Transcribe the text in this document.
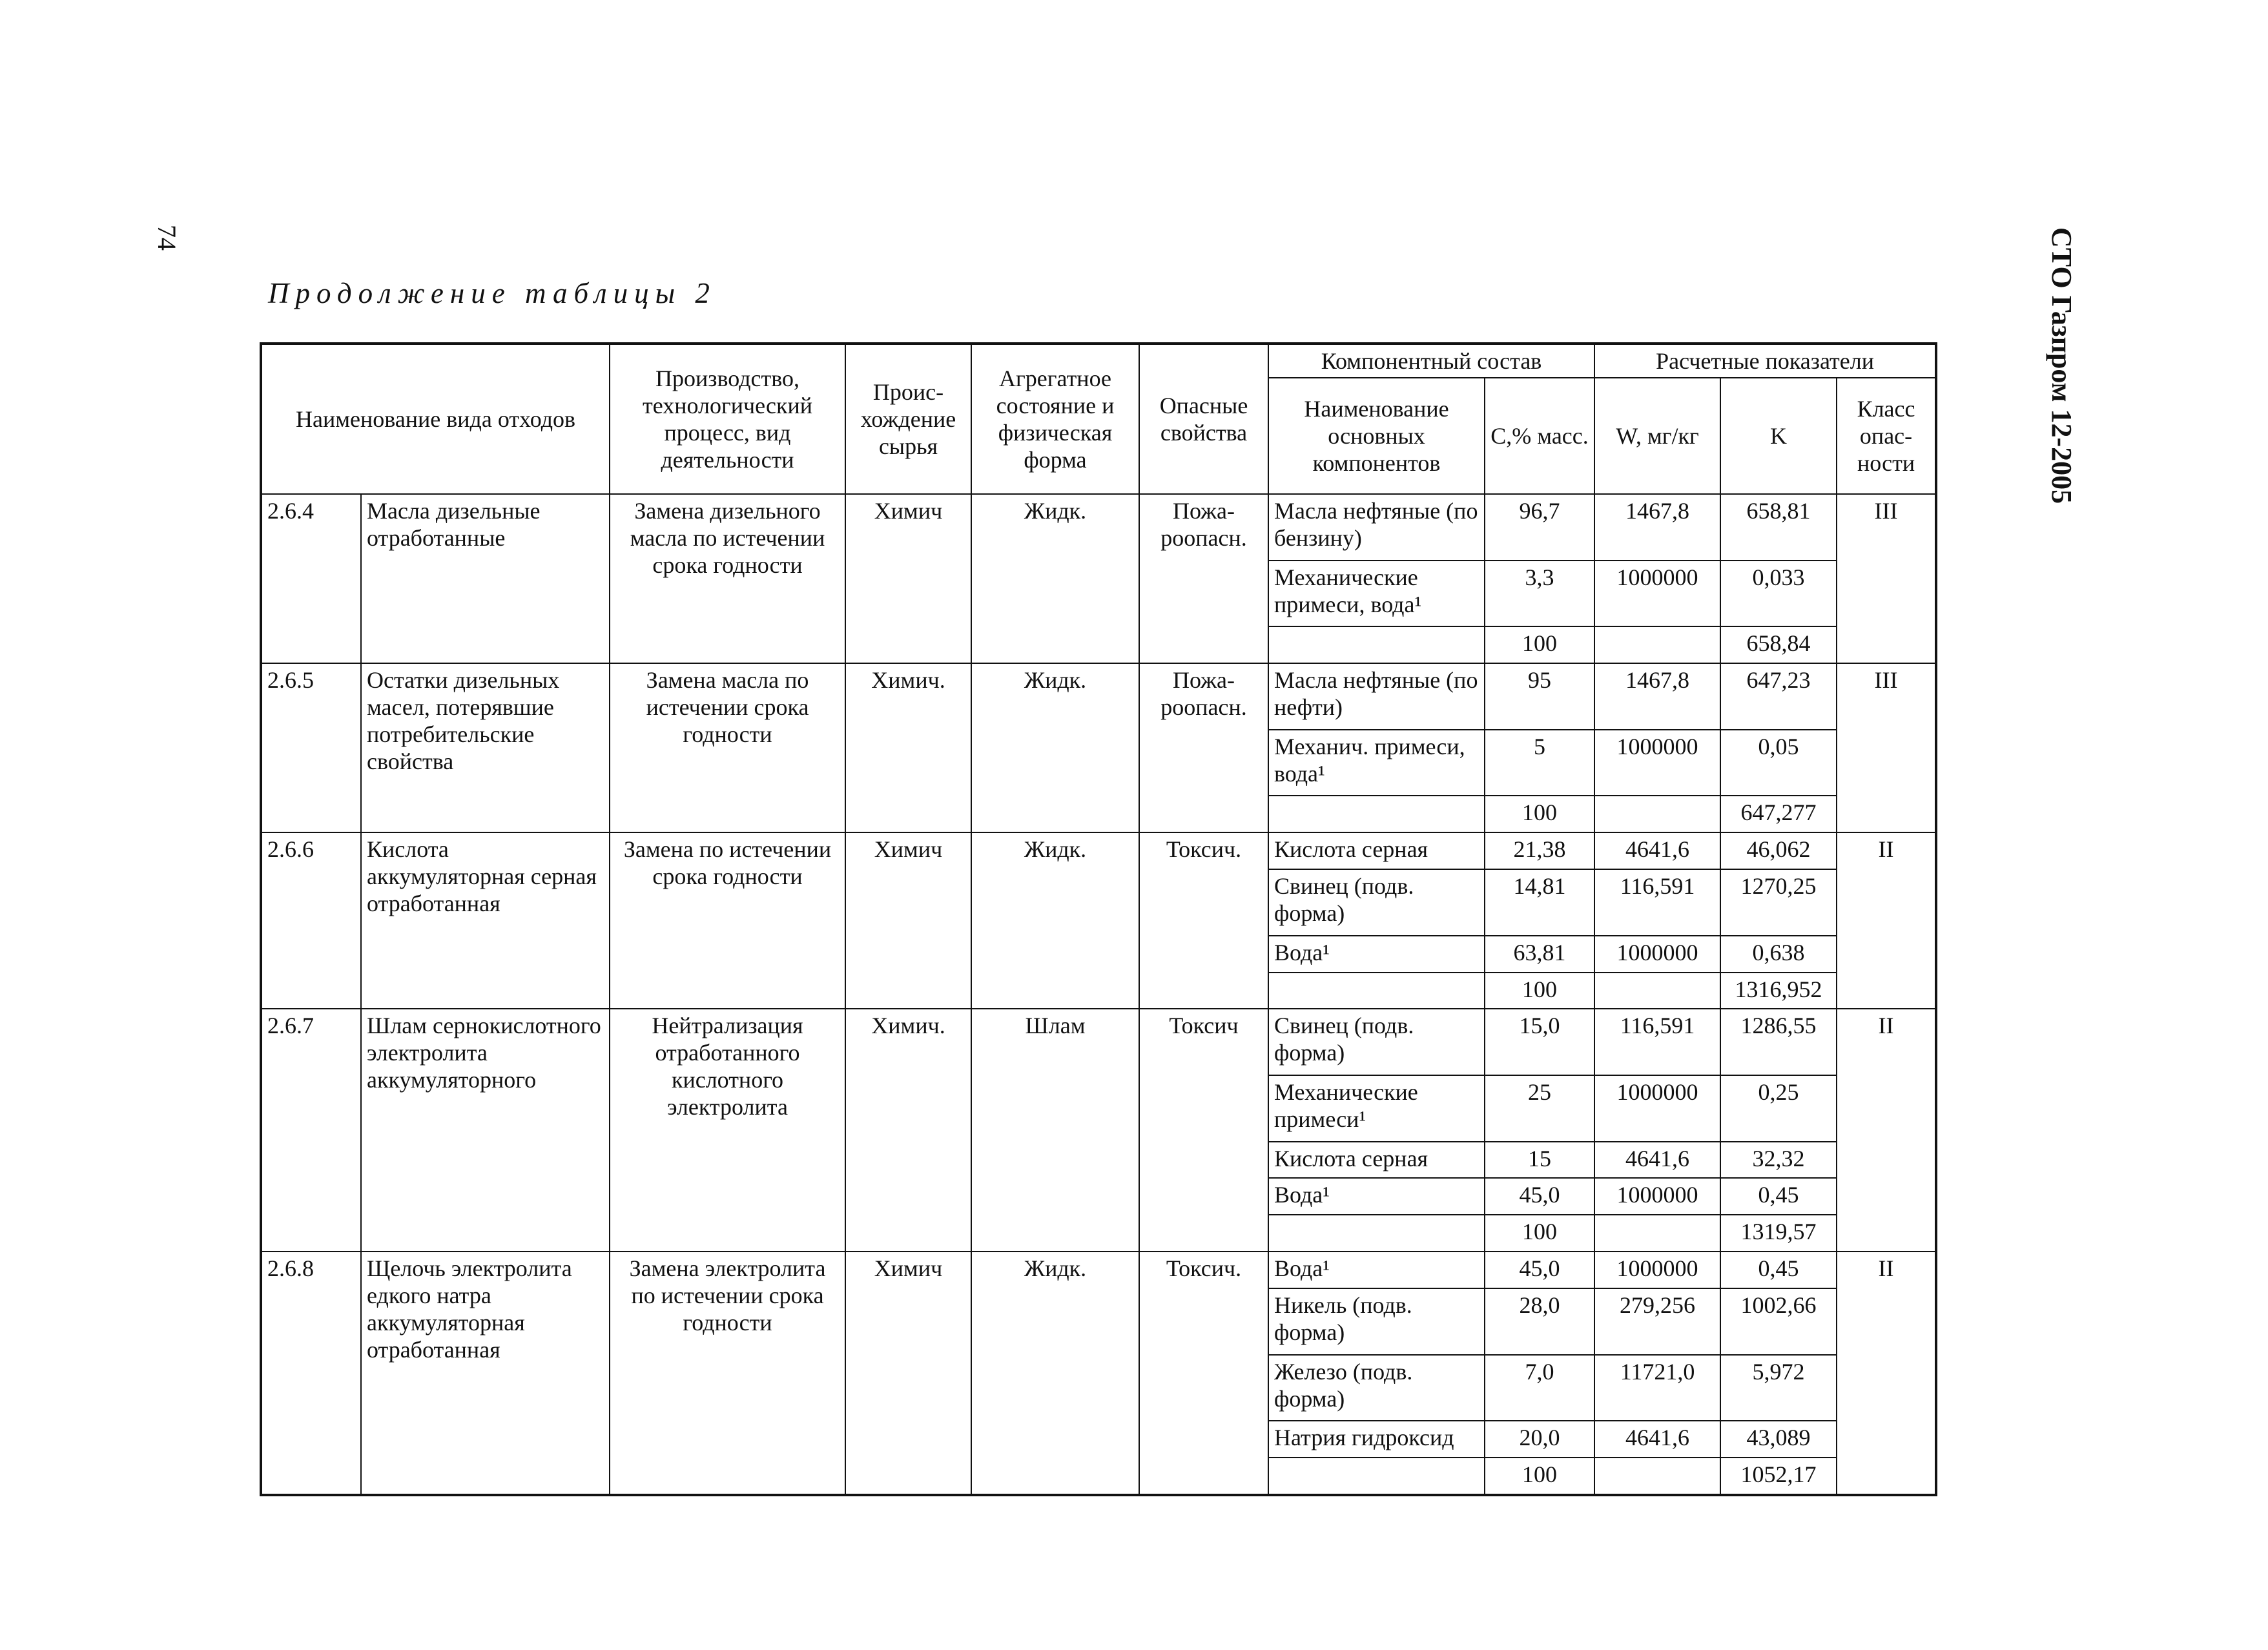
74	СТО Газпром 12-2005
Продолжение таблицы 2
Наименование вида отходов		Производство, технологический процесс, вид деятельности	Проис-хождение сырья	Агрегатное состояние и физическая форма	Опасные свойства	Компонентный состав		Расчетные показатели		
						Наименование основных компонентов	С,% масс.	W, мг/кг	K	Класс опас-ности
2.6.4	Масла дизельные отработанные	Замена дизельного масла по истечении срока годности	Химич	Жидк.	Пожа-роопасн.	Масла нефтяные (по бензину)	96,7	1467,8	658,81	III
						Механические примеси, вода¹	3,3	1000000	0,033	
							100		658,84	
2.6.5	Остатки дизельных масел, потерявшие потребительские свойства	Замена масла по истечении срока годности	Химич.	Жидк.	Пожа-роопасн.	Масла нефтяные (по нефти)	95	1467,8	647,23	III
						Механич. примеси, вода¹	5	1000000	0,05	
							100		647,277	
2.6.6	Кислота аккумуляторная серная отработанная	Замена по истечении срока годности	Химич	Жидк.	Токсич.	Кислота серная	21,38	4641,6	46,062	II
						Свинец (подв. форма)	14,81	116,591	1270,25	
						Вода¹	63,81	1000000	0,638	
							100		1316,952	
2.6.7	Шлам сернокислотного электролита аккумуляторного	Нейтрализация отработанного кислотного электролита	Химич.	Шлам	Токсич	Свинец (подв. форма)	15,0	116,591	1286,55	II
						Механические примеси¹	25	1000000	0,25	
						Кислота серная	15	4641,6	32,32	
						Вода¹	45,0	1000000	0,45	
							100		1319,57	
2.6.8	Щелочь электролита едкого натра аккумуляторная отработанная	Замена электролита по истечении срока годности	Химич	Жидк.	Токсич.	Вода¹	45,0	1000000	0,45	II
						Никель (подв. форма)	28,0	279,256	1002,66	
						Железо (подв. форма)	7,0	11721,0	5,972	
						Натрия гидроксид	20,0	4641,6	43,089	
							100		1052,17	
